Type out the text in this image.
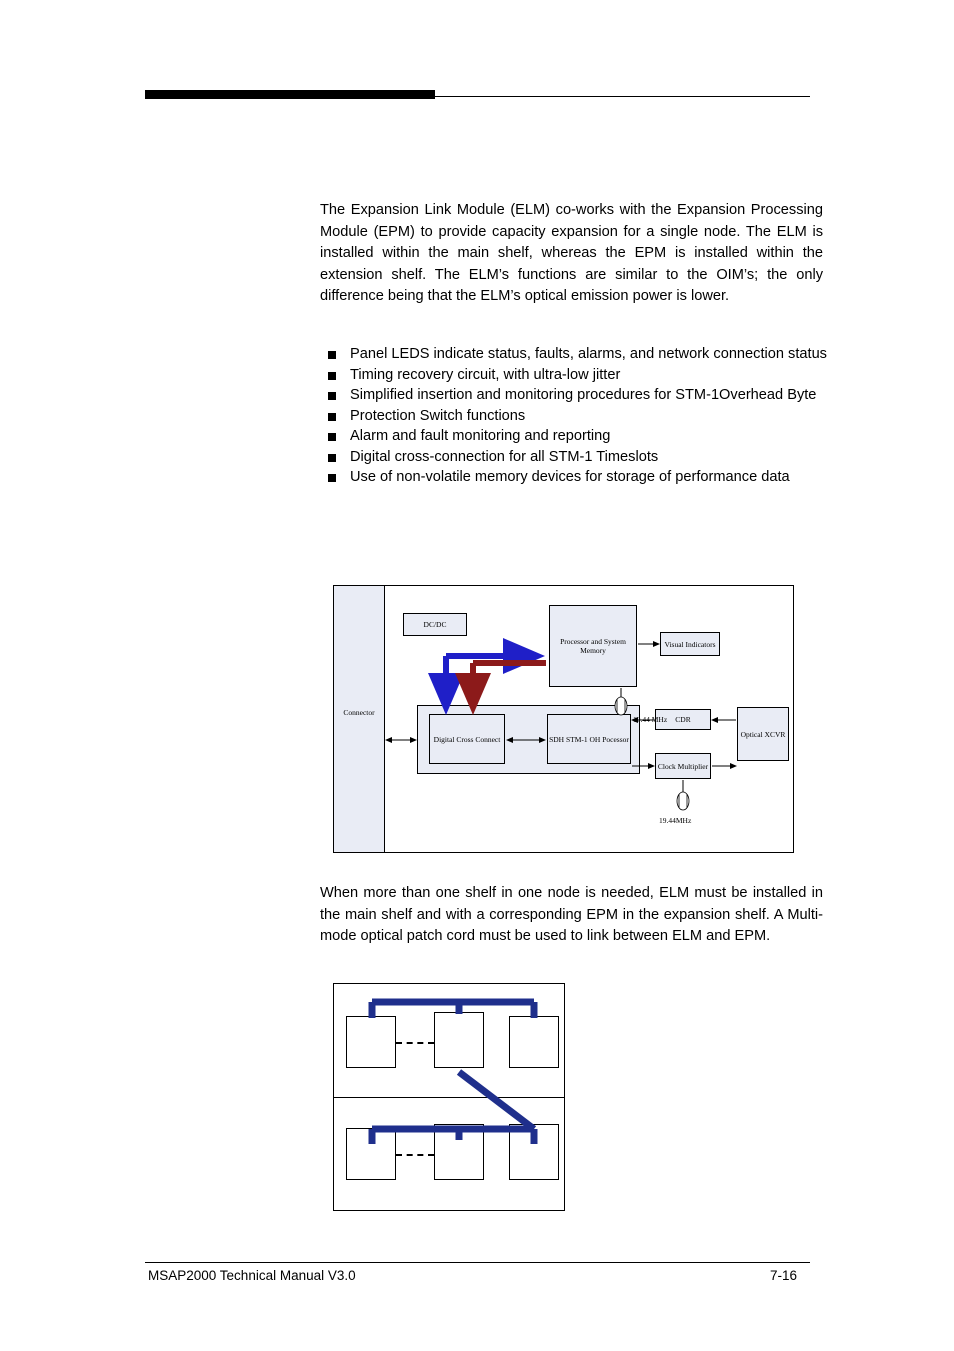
The Expansion Link Module (ELM) co-works with the Expansion Processing Module (EPM) to provide capacity expansion for a single node. The ELM is installed within the main shelf, whereas the EPM is installed within the extension shelf. The ELM’s functions are similar to the OIM’s; the only difference being that the ELM’s optical emission power is lower.
Panel LEDS indicate status, faults, alarms, and network connection status
Timing recovery circuit, with ultra-low jitter
Simplified insertion and monitoring procedures for STM-1Overhead Byte
Protection Switch functions
Alarm and fault monitoring and reporting
Digital cross-connection for all STM-1 Timeslots
Use of non-volatile memory devices for storage of performance data
Connector
DC/DC
Processor and System Memory
Visual Indicators
Digital Cross Connect	SDH STM-1 OH Pocessor
CDR
Clock Multiplier
Optical XCVR
19.44 MHz
19.44MHz
When more than one shelf in one node is needed, ELM must be installed in the main shelf and with a corresponding EPM in the expansion shelf. A Multi-mode optical patch cord must be used to link between ELM and EPM.
MSAP2000 Technical Manual V3.0	7-16
